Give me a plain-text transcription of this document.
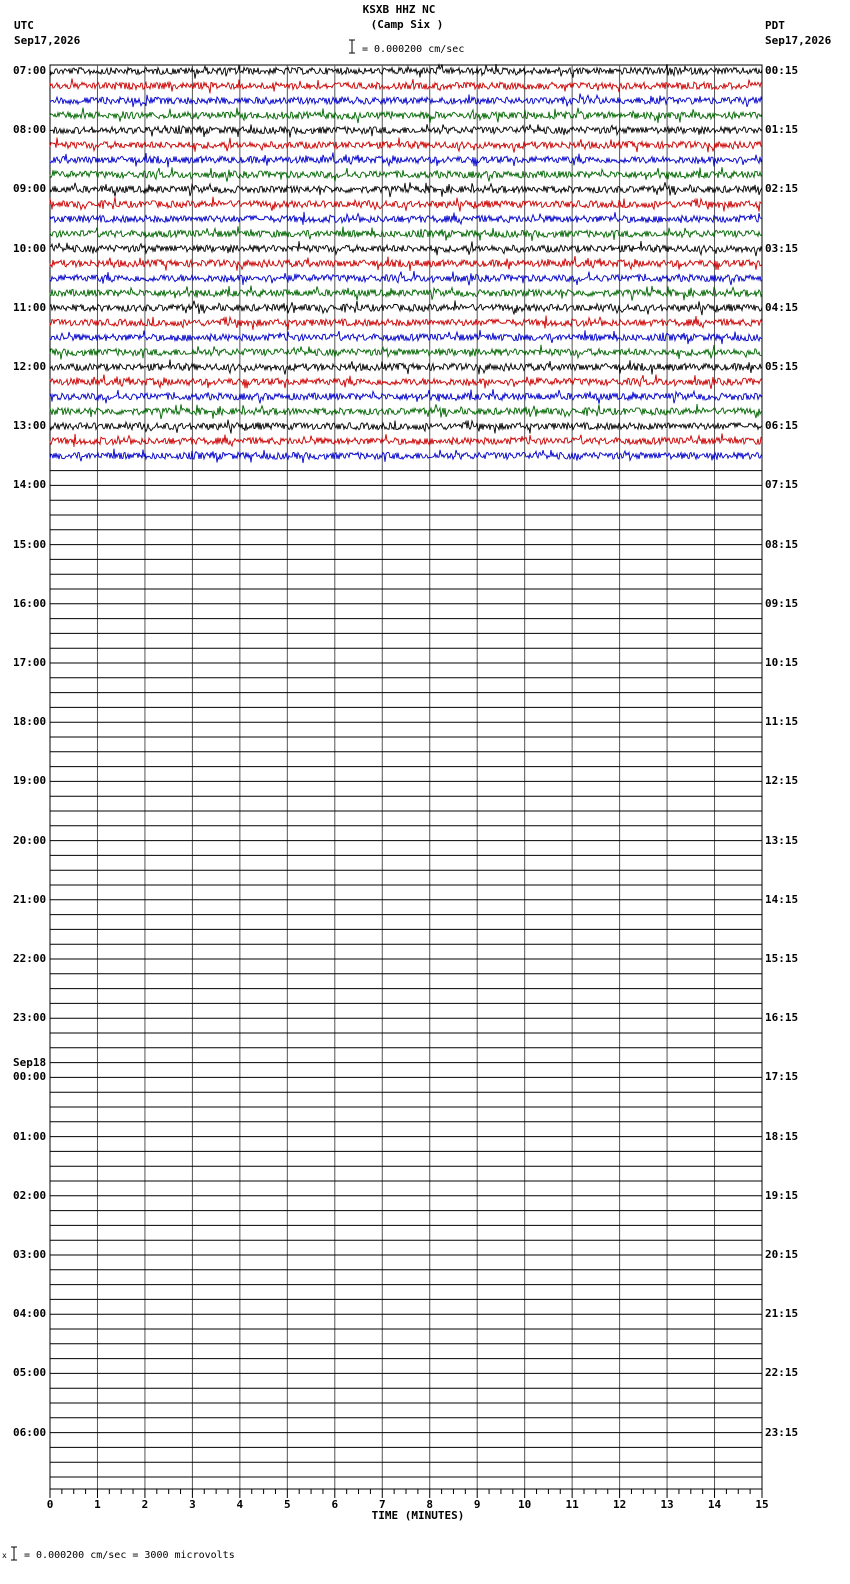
KSXB HHZ NC
(Camp Six )
UTC
Sep17,2026
PDT
Sep17,2026
= 0.000200 cm/sec
0	1	2	3	4	5	6	7	8	9	10	11	12	13	14	15
07:00	00:15
08:00	01:15
09:00	02:15
10:00	03:15
11:00	04:15
12:00	05:15
13:00	06:15
14:00	07:15
15:00	08:15
16:00	09:15
17:00	10:15
18:00	11:15
19:00	12:15
20:00	13:15
21:00	14:15
22:00	15:15
23:00	16:15
00:00
Sep18
17:15
01:00	18:15
02:00	19:15
03:00	20:15
04:00	21:15
05:00	22:15
06:00	23:15
TIME (MINUTES)
x = 0.000200 cm/sec = 3000 microvolts
